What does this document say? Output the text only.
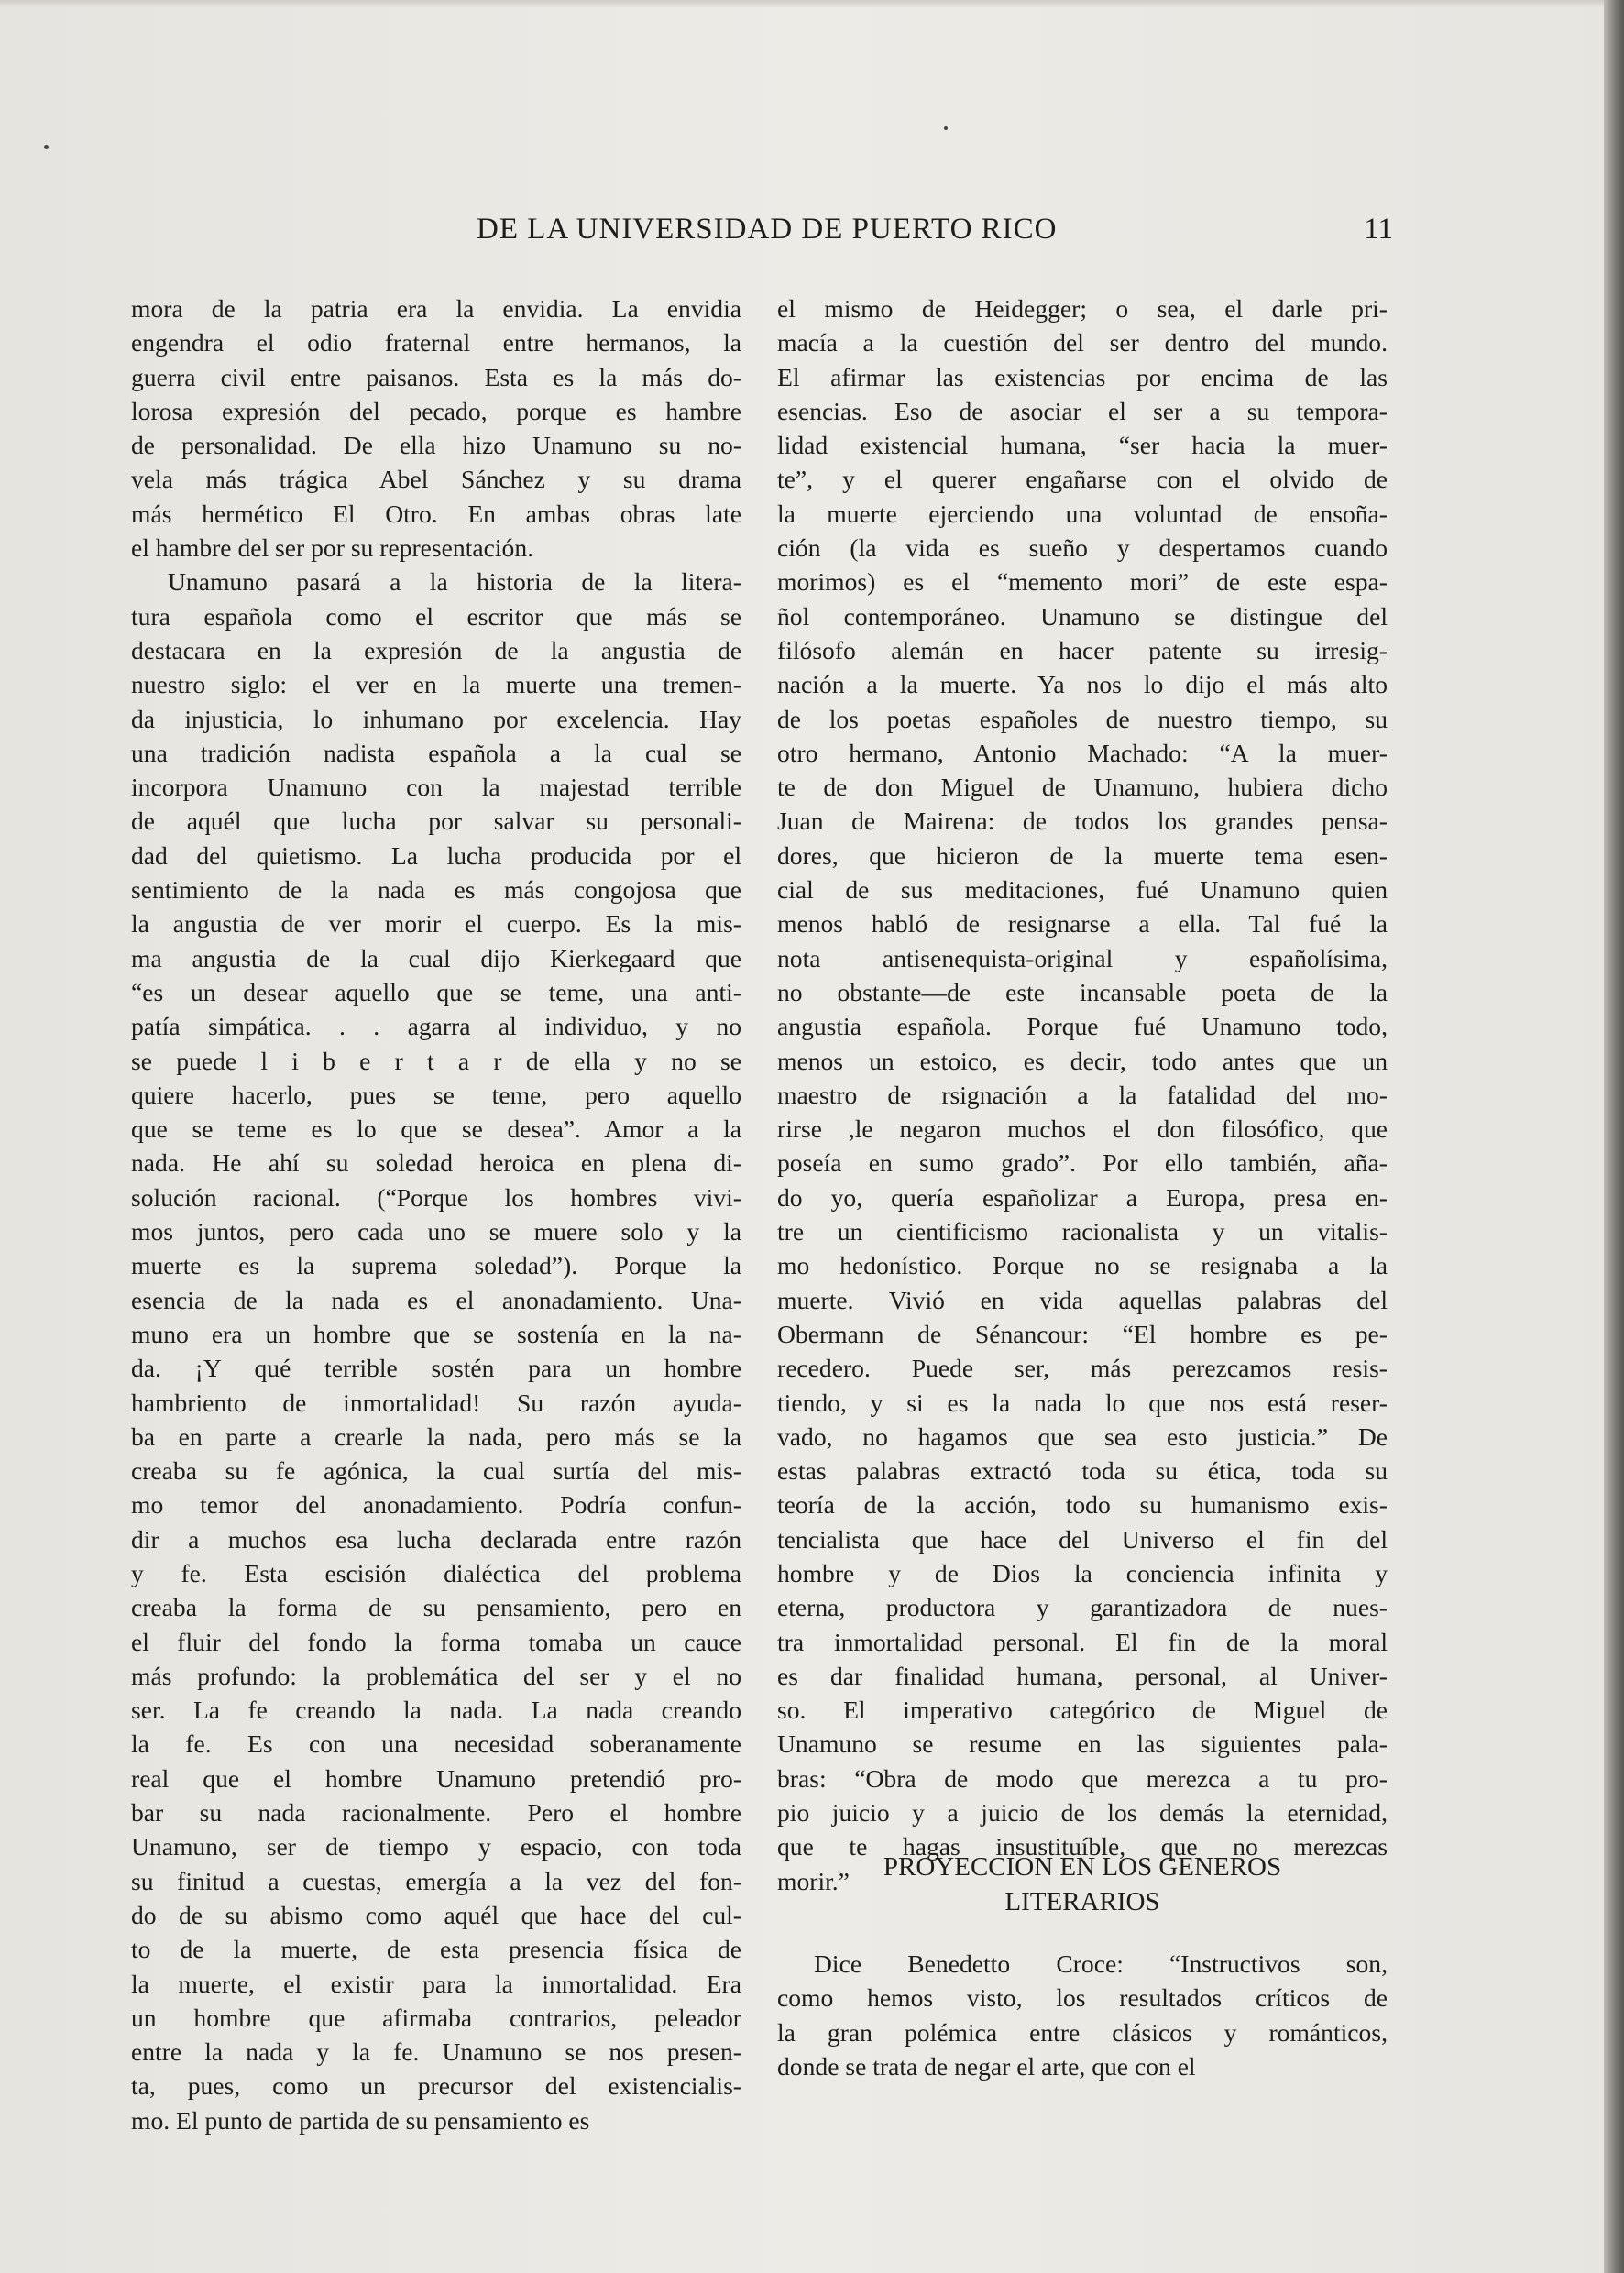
DE LA UNIVERSIDAD DE PUERTO RICO	11
mora de la patria era la envidia. La envidia
engendra el odio fraternal entre hermanos, la
guerra civil entre paisanos. Esta es la más do-
lorosa expresión del pecado, porque es hambre
de personalidad. De ella hizo Unamuno su no-
vela más trágica Abel Sánchez y su drama
más hermético El Otro. En ambas obras late
el hambre del ser por su representación.
Unamuno pasará a la historia de la litera-
tura española como el escritor que más se
destacara en la expresión de la angustia de
nuestro siglo: el ver en la muerte una tremen-
da injusticia, lo inhumano por excelencia. Hay
una tradición nadista española a la cual se
incorpora Unamuno con la majestad terrible
de aquél que lucha por salvar su personali-
dad del quietismo. La lucha producida por el
sentimiento de la nada es más congojosa que
la angustia de ver morir el cuerpo. Es la mis-
ma angustia de la cual dijo Kierkegaard que
“es un desear aquello que se teme, una anti-
patía simpática. . . agarra al individuo, y no
se puede l i b e r t a r de ella y no se
quiere hacerlo, pues se teme, pero aquello
que se teme es lo que se desea”. Amor a la
nada. He ahí su soledad heroica en plena di-
solución racional. (“Porque los hombres vivi-
mos juntos, pero cada uno se muere solo y la
muerte es la suprema soledad”). Porque la
esencia de la nada es el anonadamiento. Una-
muno era un hombre que se sostenía en la na-
da. ¡Y qué terrible sostén para un hombre
hambriento de inmortalidad! Su razón ayuda-
ba en parte a crearle la nada, pero más se la
creaba su fe agónica, la cual surtía del mis-
mo temor del anonadamiento. Podría confun-
dir a muchos esa lucha declarada entre razón
y fe. Esta escisión dialéctica del problema
creaba la forma de su pensamiento, pero en
el fluir del fondo la forma tomaba un cauce
más profundo: la problemática del ser y el no
ser. La fe creando la nada. La nada creando
la fe. Es con una necesidad soberanamente
real que el hombre Unamuno pretendió pro-
bar su nada racionalmente. Pero el hombre
Unamuno, ser de tiempo y espacio, con toda
su finitud a cuestas, emergía a la vez del fon-
do de su abismo como aquél que hace del cul-
to de la muerte, de esta presencia física de
la muerte, el existir para la inmortalidad. Era
un hombre que afirmaba contrarios, peleador
entre la nada y la fe. Unamuno se nos presen-
ta, pues, como un precursor del existencialis-
mo. El punto de partida de su pensamiento es
el mismo de Heidegger; o sea, el darle pri-
macía a la cuestión del ser dentro del mundo.
El afirmar las existencias por encima de las
esencias. Eso de asociar el ser a su tempora-
lidad existencial humana, “ser hacia la muer-
te”, y el querer engañarse con el olvido de
la muerte ejerciendo una voluntad de ensoña-
ción (la vida es sueño y despertamos cuando
morimos) es el “memento mori” de este espa-
ñol contemporáneo. Unamuno se distingue del
filósofo alemán en hacer patente su irresig-
nación a la muerte. Ya nos lo dijo el más alto
de los poetas españoles de nuestro tiempo, su
otro hermano, Antonio Machado: “A la muer-
te de don Miguel de Unamuno, hubiera dicho
Juan de Mairena: de todos los grandes pensa-
dores, que hicieron de la muerte tema esen-
cial de sus meditaciones, fué Unamuno quien
menos habló de resignarse a ella. Tal fué la
nota antisenequista-original y españolísima,
no obstante—de este incansable poeta de la
angustia española. Porque fué Unamuno todo,
menos un estoico, es decir, todo antes que un
maestro de rsignación a la fatalidad del mo-
rirse ,le negaron muchos el don filosófico, que
poseía en sumo grado”. Por ello también, aña-
do yo, quería españolizar a Europa, presa en-
tre un cientificismo racionalista y un vitalis-
mo hedonístico. Porque no se resignaba a la
muerte. Vivió en vida aquellas palabras del
Obermann de Sénancour: “El hombre es pe-
recedero. Puede ser, más perezcamos resis-
tiendo, y si es la nada lo que nos está reser-
vado, no hagamos que sea esto justicia.” De
estas palabras extractó toda su ética, toda su
teoría de la acción, todo su humanismo exis-
tencialista que hace del Universo el fin del
hombre y de Dios la conciencia infinita y
eterna, productora y garantizadora de nues-
tra inmortalidad personal. El fin de la moral
es dar finalidad humana, personal, al Univer-
so. El imperativo categórico de Miguel de
Unamuno se resume en las siguientes pala-
bras: “Obra de modo que merezca a tu pro-
pio juicio y a juicio de los demás la eternidad,
que te hagas insustituíble, que no merezcas
morir.”	PROYECCION EN LOS GENEROS
LITERARIOS
Dice Benedetto Croce: “Instructivos son,
como hemos visto, los resultados críticos de
la gran polémica entre clásicos y románticos,
donde se trata de negar el arte, que con el
